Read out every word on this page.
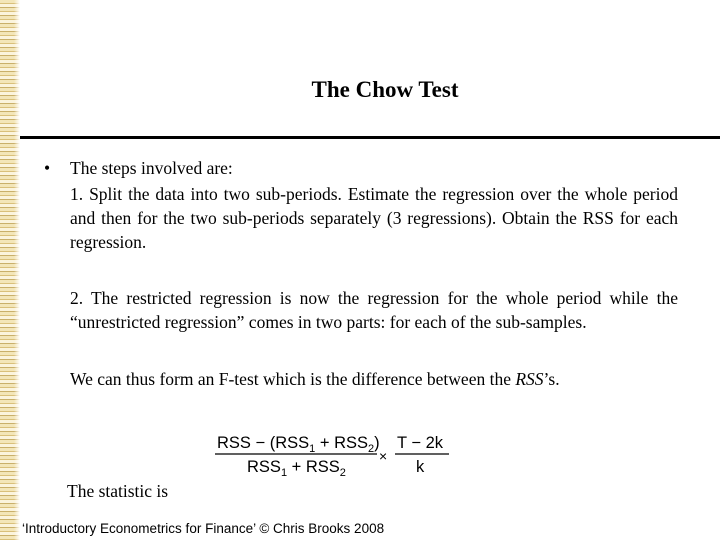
The Chow Test
•	The steps involved are:
1. Split the data into two sub-periods. Estimate the regression over the whole period and then for the two sub-periods separately (3 regressions). Obtain the RSS for each regression.
2. The restricted regression is now the regression for the whole period while the “unrestricted regression” comes in two parts: for each of the sub-samples.
We can thus form an F-test which is the difference between the RSS’s.
RSS − $(RSS_1 + RSS_2)$
$RSS_1 + RSS_2$
×
T − 2k
k
The statistic is
‘Introductory Econometrics for Finance’ © Chris Brooks 2008
